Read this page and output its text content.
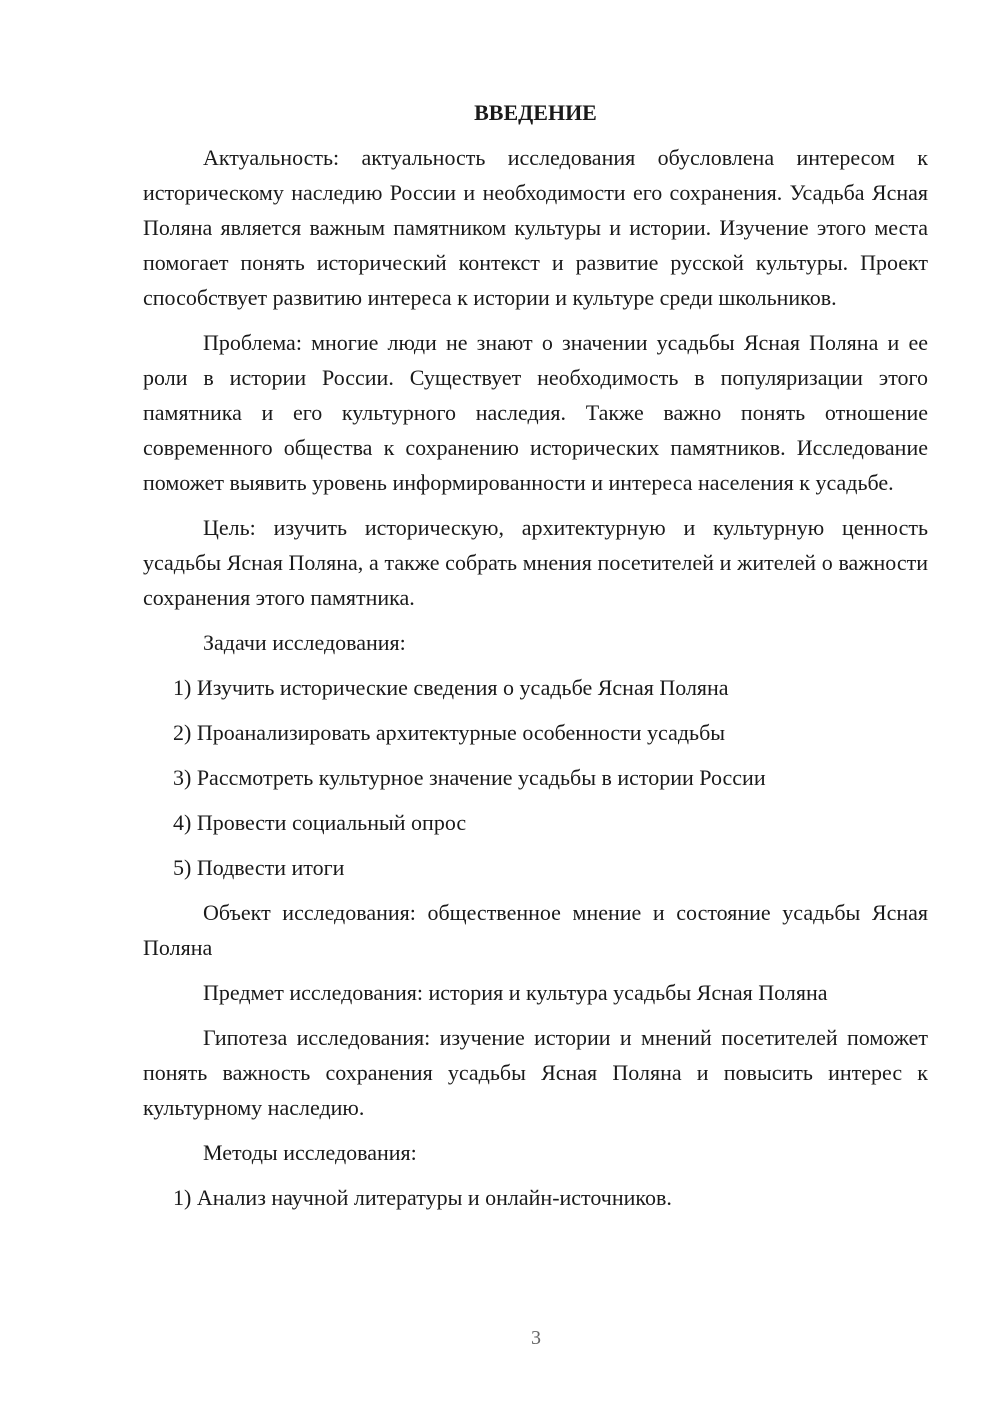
ВВЕДЕНИЕ
Актуальность: актуальность исследования обусловлена интересом к историческому наследию России и необходимости его сохранения. Усадьба Ясная Поляна является важным памятником культуры и истории. Изучение этого места помогает понять исторический контекст и развитие русской культуры. Проект способствует развитию интереса к истории и культуре среди школьников.
Проблема: многие люди не знают о значении усадьбы Ясная Поляна и ее роли в истории России. Существует необходимость в популяризации этого памятника и его культурного наследия. Также важно понять отношение современного общества к сохранению исторических памятников. Исследование поможет выявить уровень информированности и интереса населения к усадьбе.
Цель: изучить историческую, архитектурную и культурную ценность усадьбы Ясная Поляна, а также собрать мнения посетителей и жителей о важности сохранения этого памятника.
Задачи исследования:
1) Изучить исторические сведения о усадьбе Ясная Поляна
2) Проанализировать архитектурные особенности усадьбы
3) Рассмотреть культурное значение усадьбы в истории России
4) Провести социальный опрос
5) Подвести итоги
Объект исследования: общественное мнение и состояние усадьбы Ясная Поляна
Предмет исследования: история и культура усадьбы Ясная Поляна
Гипотеза исследования: изучение истории и мнений посетителей поможет понять важность сохранения усадьбы Ясная Поляна и повысить интерес к культурному наследию.
Методы исследования:
1) Анализ научной литературы и онлайн-источников.
3
